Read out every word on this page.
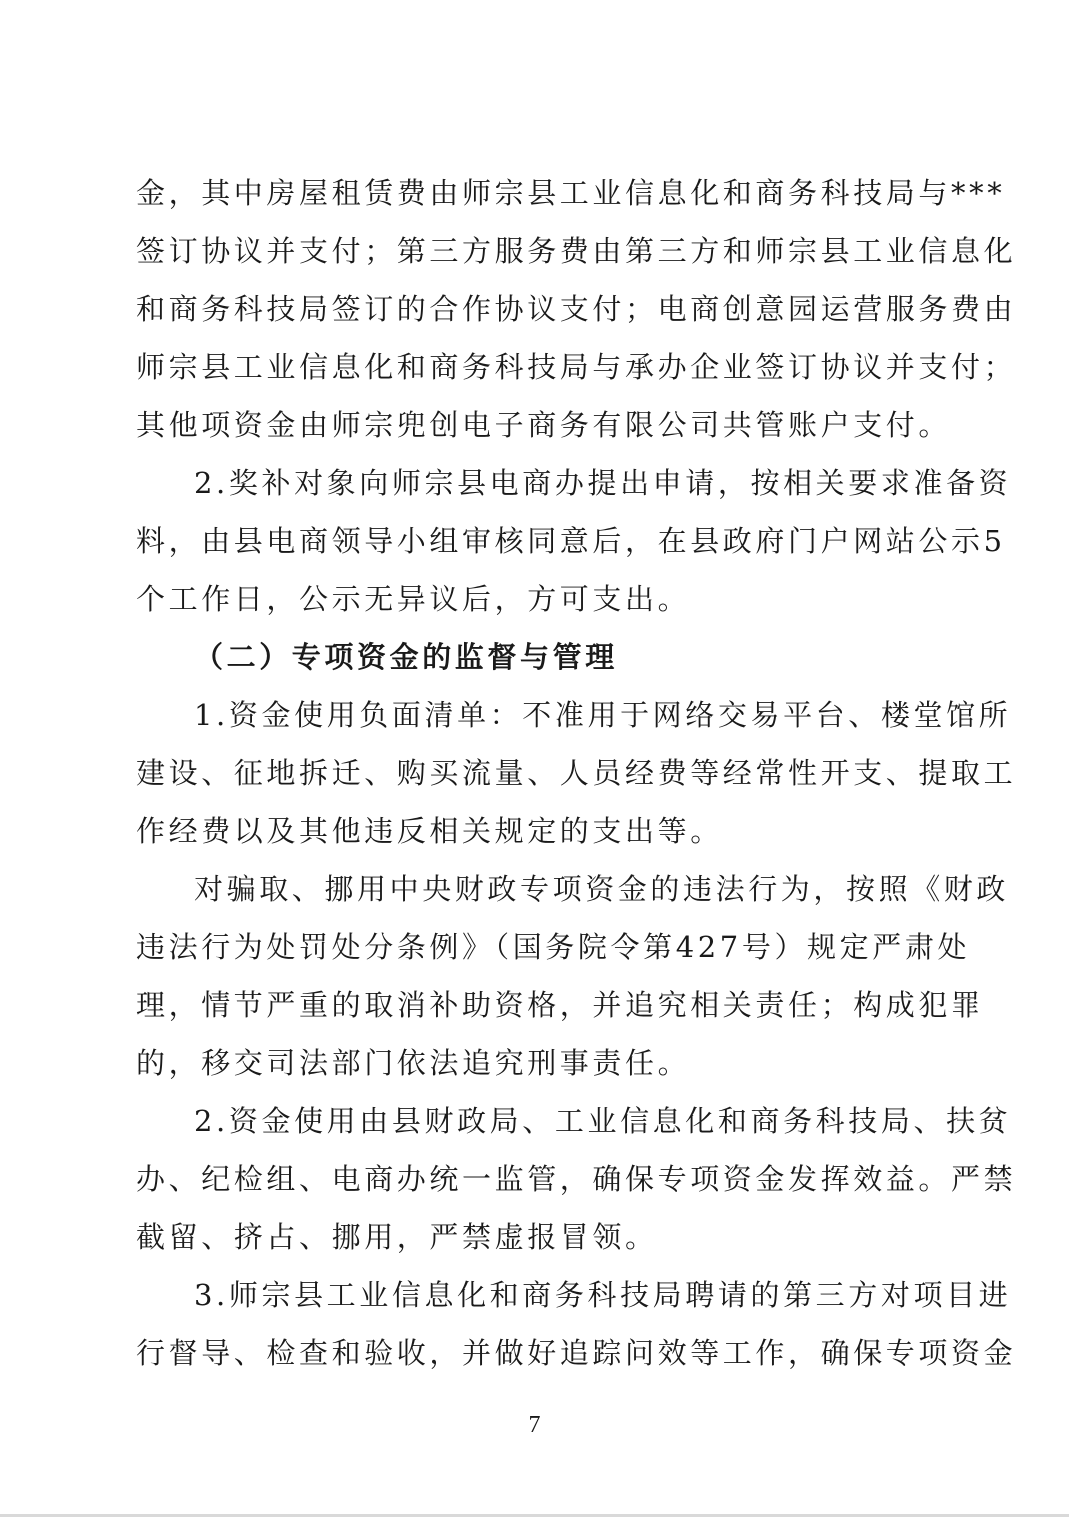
金，其中房屋租赁费由师宗县工业信息化和商务科技局与***
签订协议并支付；第三方服务费由第三方和师宗县工业信息化
和商务科技局签订的合作协议支付；电商创意园运营服务费由
师宗县工业信息化和商务科技局与承办企业签订协议并支付；
其他项资金由师宗兜创电子商务有限公司共管账户支付。
2.奖补对象向师宗县电商办提出申请，按相关要求准备资
料，由县电商领导小组审核同意后，在县政府门户网站公示5
个工作日，公示无异议后，方可支出。
（二）专项资金的监督与管理
1.资金使用负面清单：不准用于网络交易平台、楼堂馆所
建设、征地拆迁、购买流量、人员经费等经常性开支、提取工
作经费以及其他违反相关规定的支出等。
对骗取、挪用中央财政专项资金的违法行为，按照《财政
违法行为处罚处分条例》（国务院令第427号）规定严肃处
理，情节严重的取消补助资格，并追究相关责任；构成犯罪
的，移交司法部门依法追究刑事责任。
2.资金使用由县财政局、工业信息化和商务科技局、扶贫
办、纪检组、电商办统一监管，确保专项资金发挥效益。严禁
截留、挤占、挪用，严禁虚报冒领。
3.师宗县工业信息化和商务科技局聘请的第三方对项目进
行督导、检查和验收，并做好追踪问效等工作，确保专项资金
7
